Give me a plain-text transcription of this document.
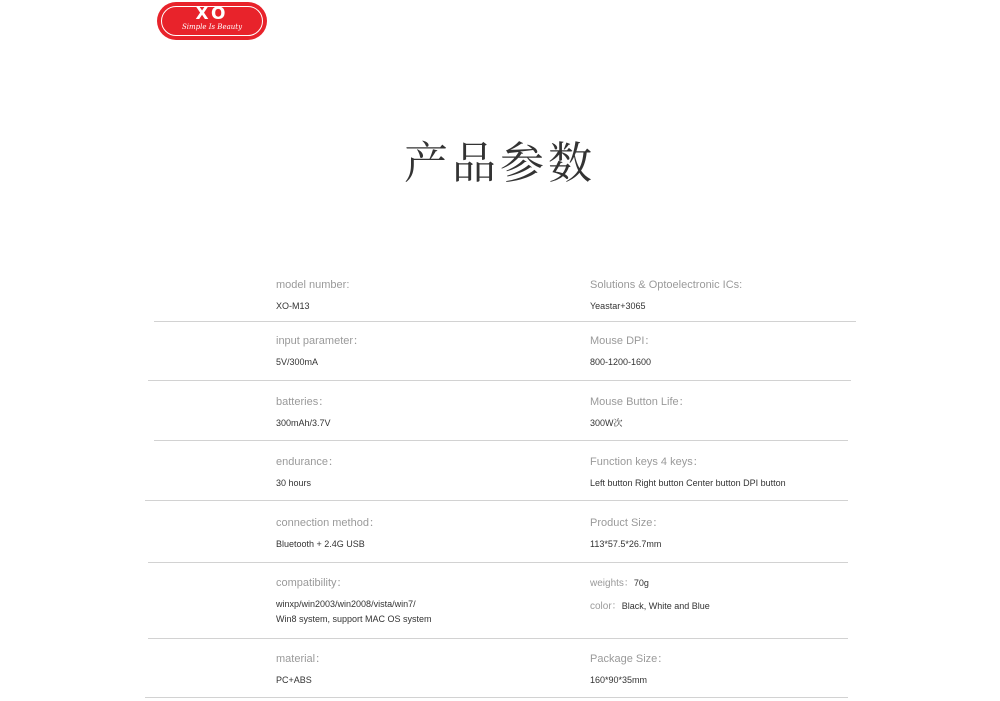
XO
Simple Is Beauty
产品参数
model number:
XO-M13
Solutions & Optoelectronic ICs:
Yeastar+3065
input parameter：
5V/300mA
Mouse DPI：
800-1200-1600
batteries：
300mAh/3.7V
Mouse Button Life：
300W次
endurance：
30 hours
Function keys 4 keys：
Left button Right button Center button DPI button
connection method：
Bluetooth + 2.4G USB
Product Size：
113*57.5*26.7mm
compatibility：
winxp/win2003/win2008/vista/win7/
Win8 system, support MAC OS system
weights：70g
color：Black, White and Blue
material：
PC+ABS
Package Size：
160*90*35mm
